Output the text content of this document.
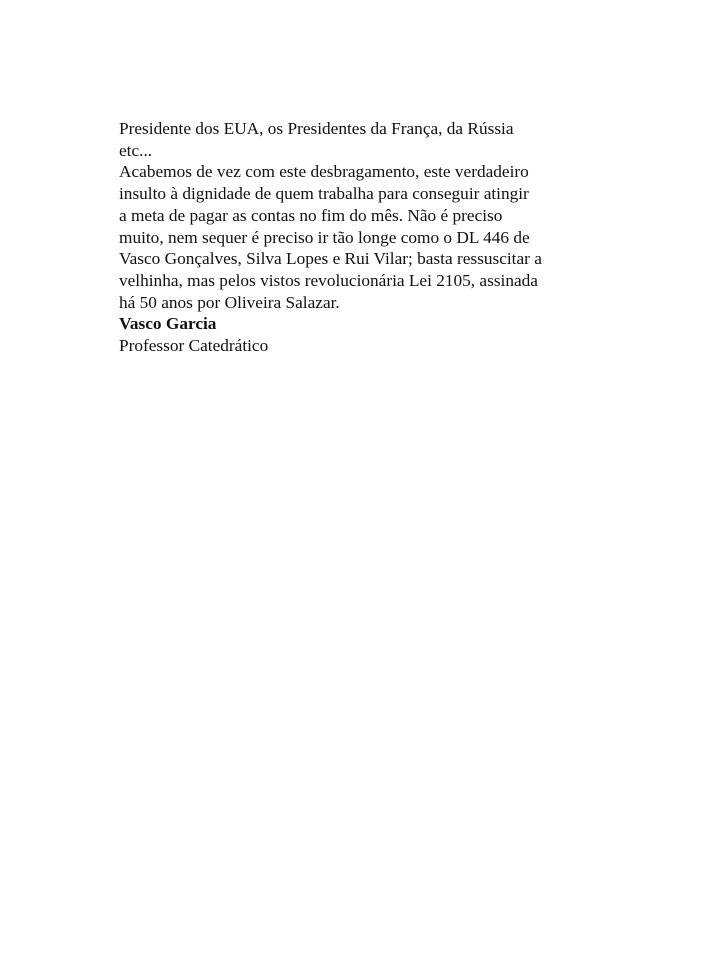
Presidente dos EUA, os Presidentes da França, da Rússia
etc...
Acabemos de vez com este desbragamento, este verdadeiro
insulto à dignidade de quem trabalha para conseguir atingir
a meta de pagar as contas no fim do mês. Não é preciso
muito, nem sequer é preciso ir tão longe como o DL 446 de
Vasco Gonçalves, Silva Lopes e Rui Vilar; basta ressuscitar a
velhinha, mas pelos vistos revolucionária Lei 2105, assinada
há 50 anos por Oliveira Salazar.
Vasco Garcia
Professor Catedrático
